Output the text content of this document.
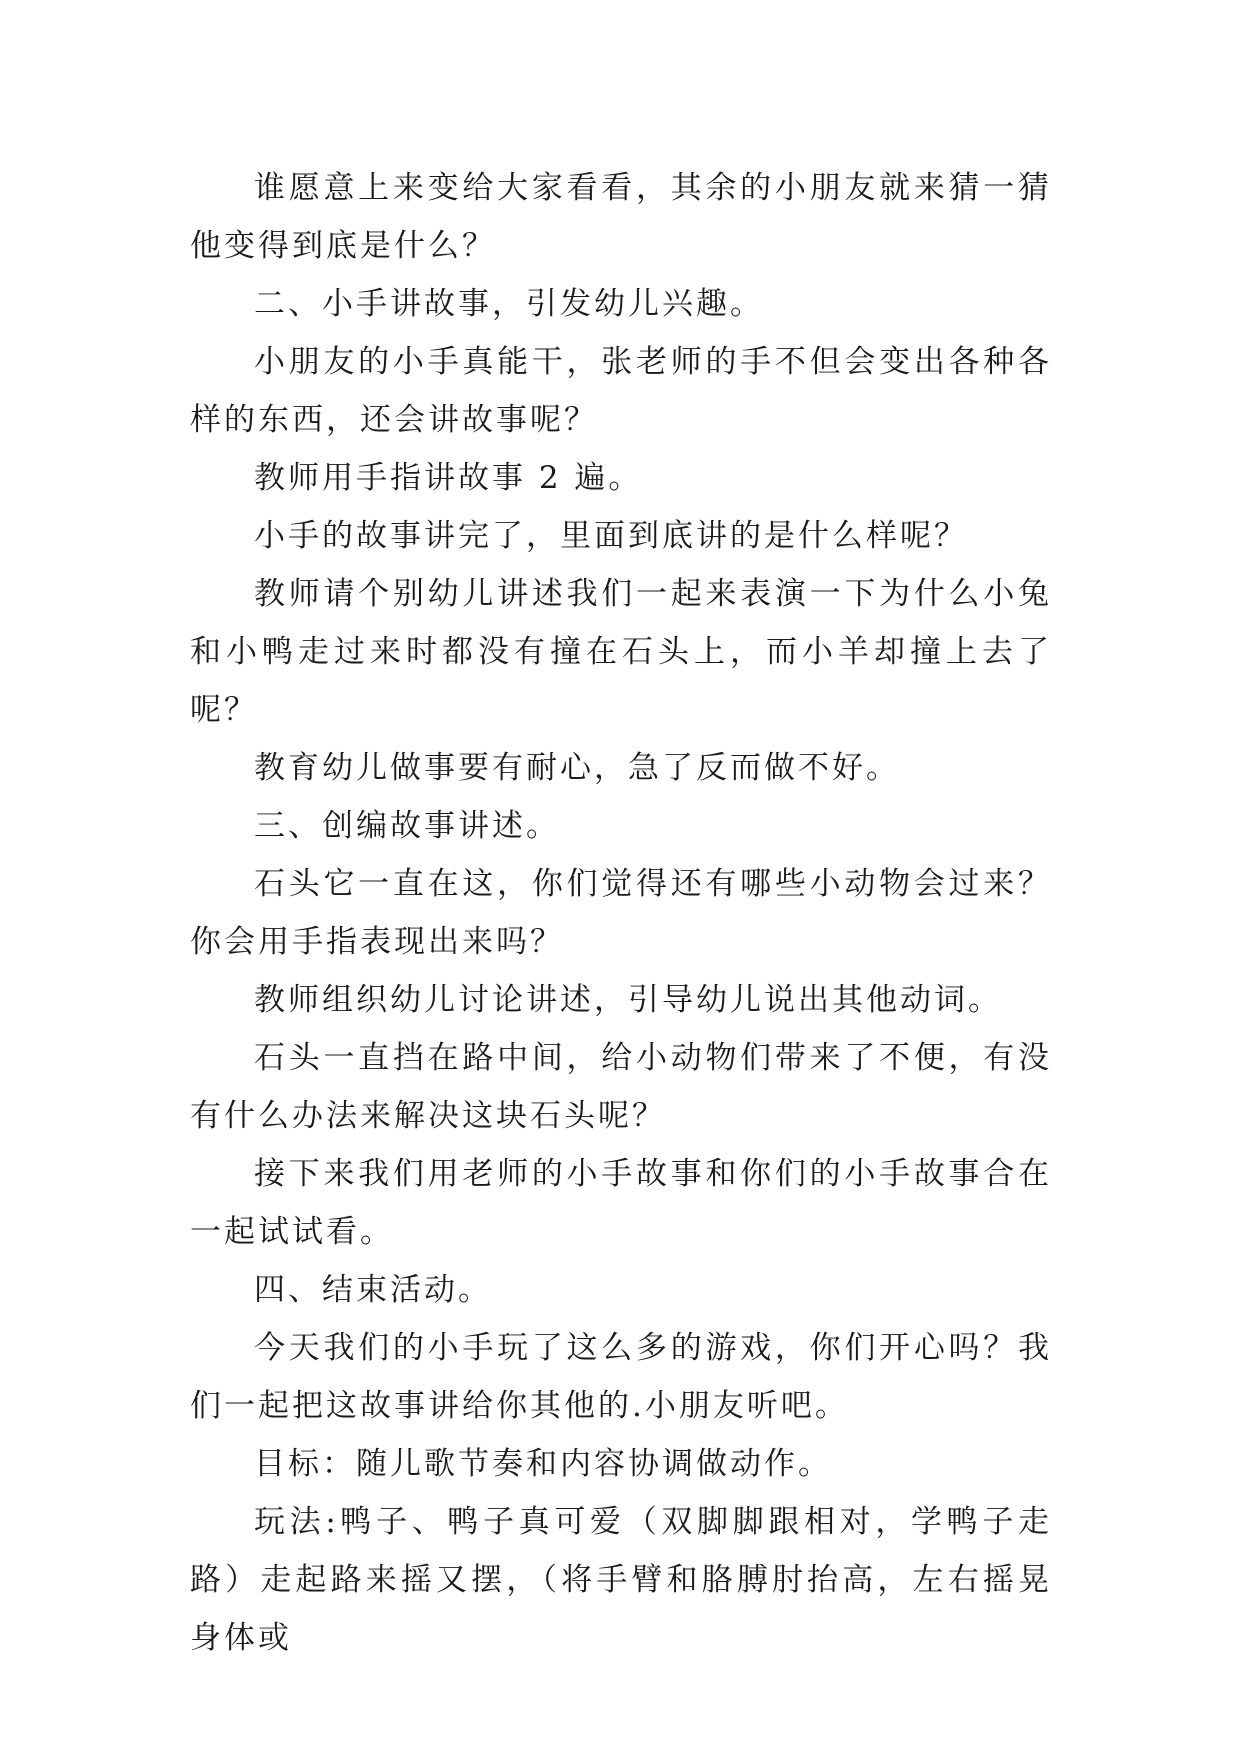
谁愿意上来变给大家看看，其余的小朋友就来猜一猜他变得到底是什么？

二、小手讲故事，引发幼儿兴趣。

小朋友的小手真能干，张老师的手不但会变出各种各样的东西，还会讲故事呢？

教师用手指讲故事 2 遍。

小手的故事讲完了，里面到底讲的是什么样呢？

教师请个别幼儿讲述我们一起来表演一下为什么小兔和小鸭走过来时都没有撞在石头上，而小羊却撞上去了呢？

教育幼儿做事要有耐心，急了反而做不好。

三、创编故事讲述。

石头它一直在这，你们觉得还有哪些小动物会过来？你会用手指表现出来吗？

教师组织幼儿讨论讲述，引导幼儿说出其他动词。

石头一直挡在路中间，给小动物们带来了不便，有没有什么办法来解决这块石头呢？

接下来我们用老师的小手故事和你们的小手故事合在一起试试看。

四、结束活动。

今天我们的小手玩了这么多的游戏，你们开心吗？我们一起把这故事讲给你其他的.小朋友听吧。

目标：随儿歌节奏和内容协调做动作。

玩法:鸭子、鸭子真可爱（双脚脚跟相对，学鸭子走路）走起路来摇又摆，（将手臂和胳膊肘抬高，左右摇晃身体或
